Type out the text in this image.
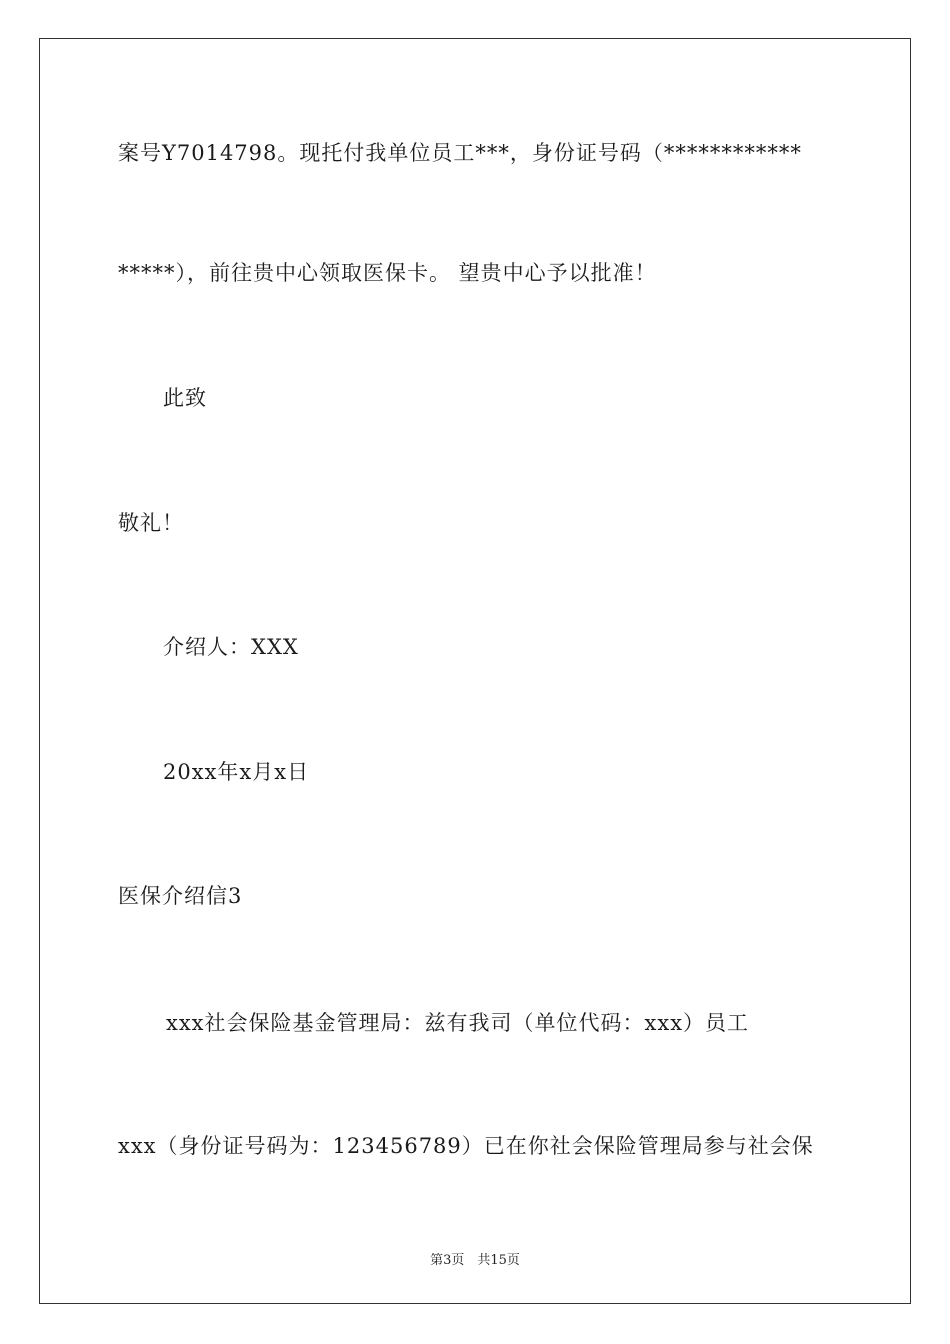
案号Y7014798。现托付我单位员工***，身份证号码（************
*****），前往贵中心领取医保卡。 望贵中心予以批准！
此致
敬礼！
介绍人：XXX
20xx年x月x日
医保介绍信3
xxx社会保险基金管理局：兹有我司（单位代码：xxx）员工
xxx（身份证号码为：123456789）已在你社会保险管理局参与社会保
第3页　共15页
